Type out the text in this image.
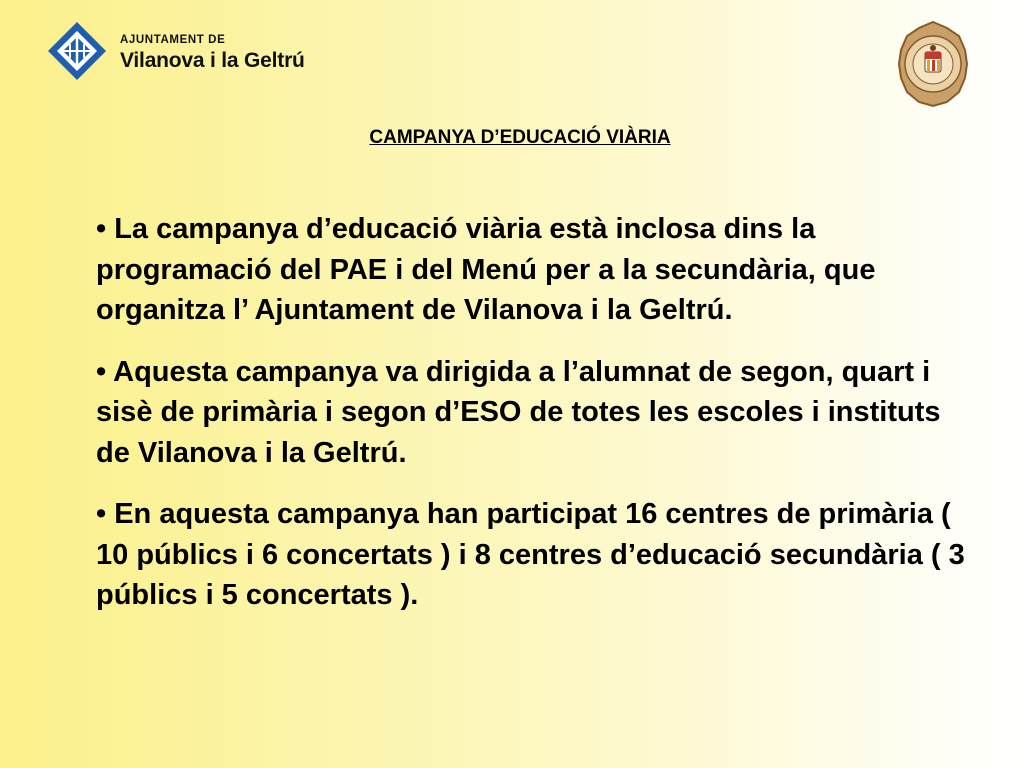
AJUNTAMENT DE
Vilanova i la Geltrú
CAMPANYA D’EDUCACIÓ VIÀRIA

• La campanya d’educació viària està inclosa dins la programació del PAE i del Menú per a la secundària, que organitza l’ Ajuntament de Vilanova i la Geltrú.

• Aquesta campanya va dirigida a l’alumnat de segon, quart i sisè de primària i segon d’ESO de totes les escoles i instituts de Vilanova i la Geltrú.

• En aquesta campanya han participat 16 centres de primària ( 10 públics i 6 concertats ) i 8 centres d’educació secundària ( 3 públics i 5 concertats ).
